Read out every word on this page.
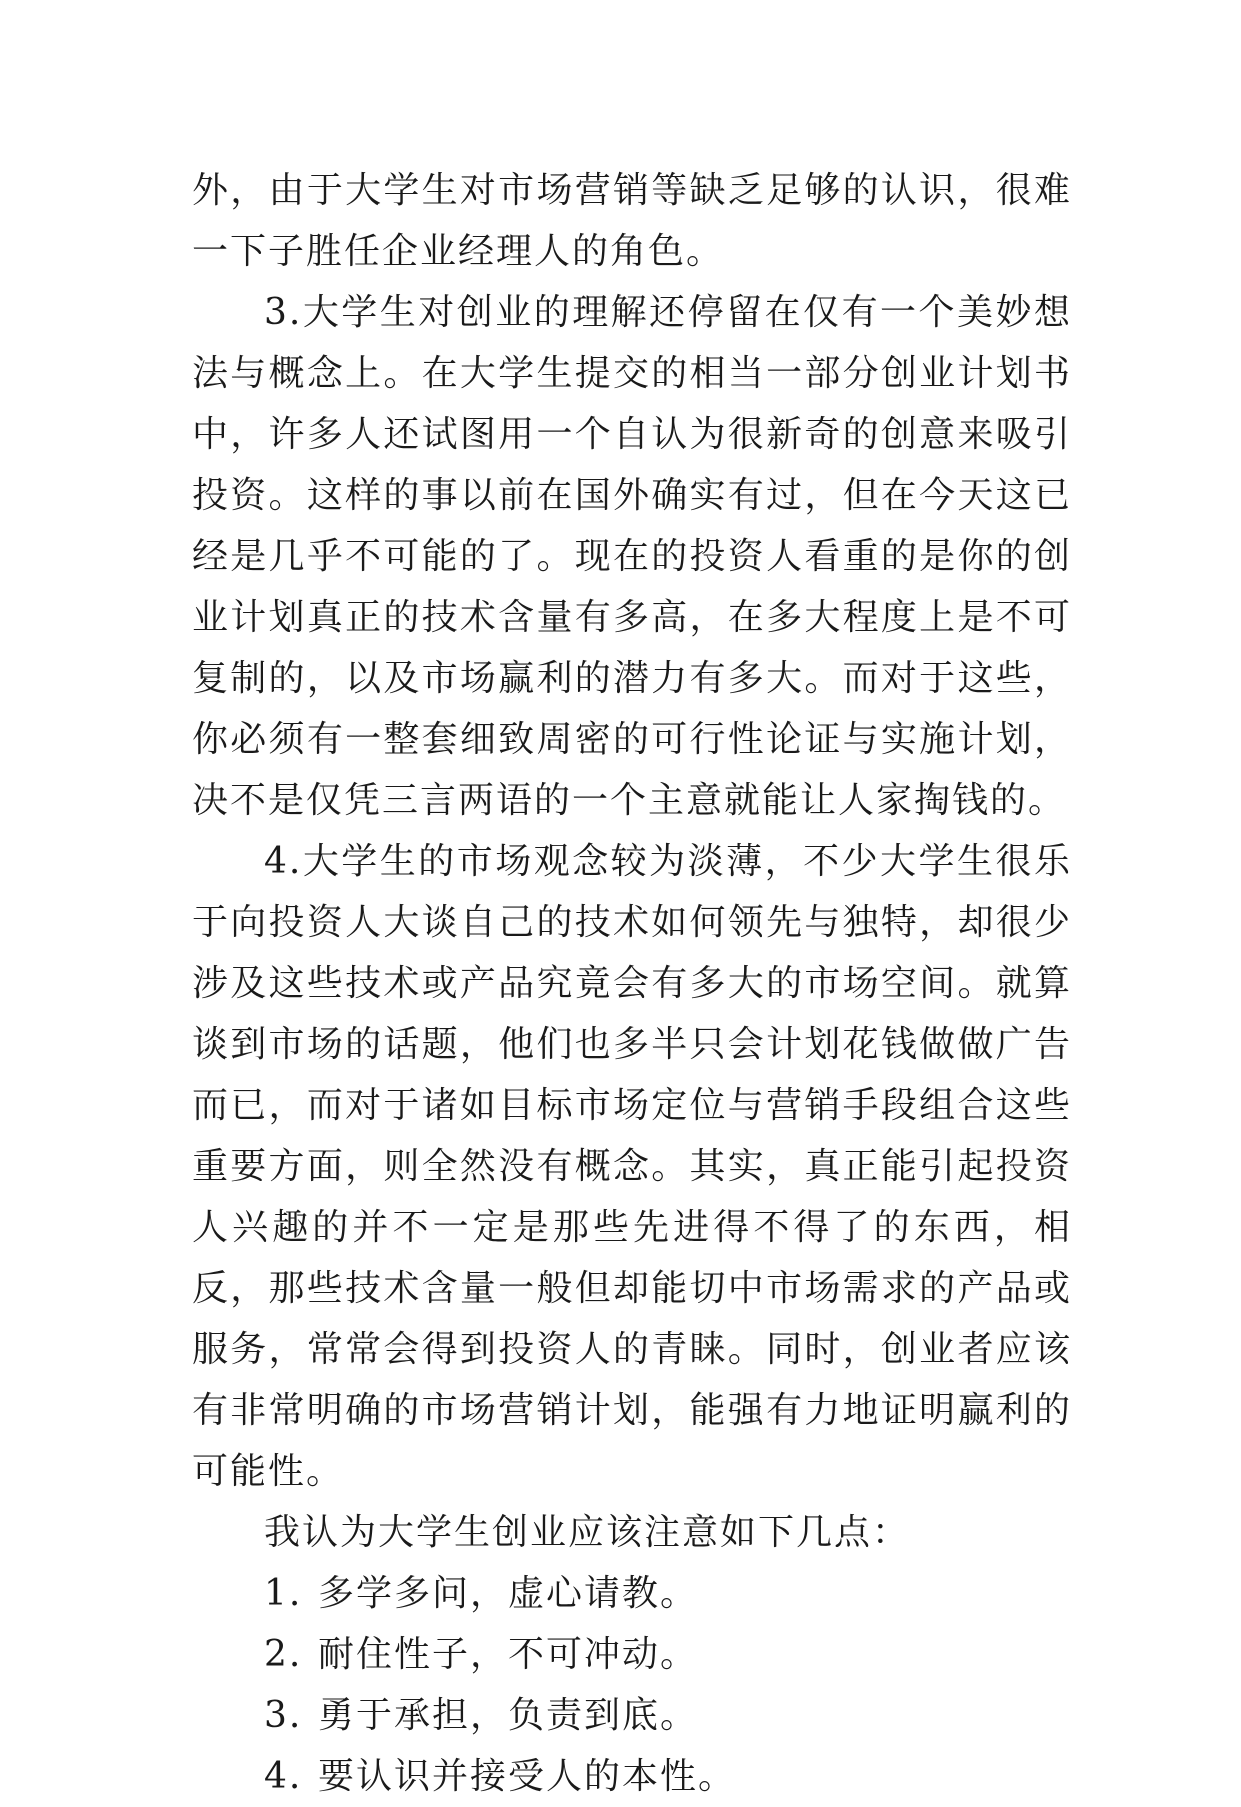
外，由于大学生对市场营销等缺乏足够的认识，很难一下子胜任企业经理人的角色。

3.大学生对创业的理解还停留在仅有一个美妙想法与概念上。在大学生提交的相当一部分创业计划书中，许多人还试图用一个自认为很新奇的创意来吸引投资。这样的事以前在国外确实有过，但在今天这已经是几乎不可能的了。现在的投资人看重的是你的创业计划真正的技术含量有多高，在多大程度上是不可复制的，以及市场赢利的潜力有多大。而对于这些，你必须有一整套细致周密的可行性论证与实施计划，决不是仅凭三言两语的一个主意就能让人家掏钱的。

4.大学生的市场观念较为淡薄，不少大学生很乐于向投资人大谈自己的技术如何领先与独特，却很少涉及这些技术或产品究竟会有多大的市场空间。就算谈到市场的话题，他们也多半只会计划花钱做做广告而已，而对于诸如目标市场定位与营销手段组合这些重要方面，则全然没有概念。其实，真正能引起投资人兴趣的并不一定是那些先进得不得了的东西，相反，那些技术含量一般但却能切中市场需求的产品或服务，常常会得到投资人的青睐。同时，创业者应该有非常明确的市场营销计划，能强有力地证明赢利的可能性。

我认为大学生创业应该注意如下几点：

1. 多学多问，虚心请教。

2. 耐住性子，不可冲动。

3. 勇于承担，负责到底。

4. 要认识并接受人的本性。
